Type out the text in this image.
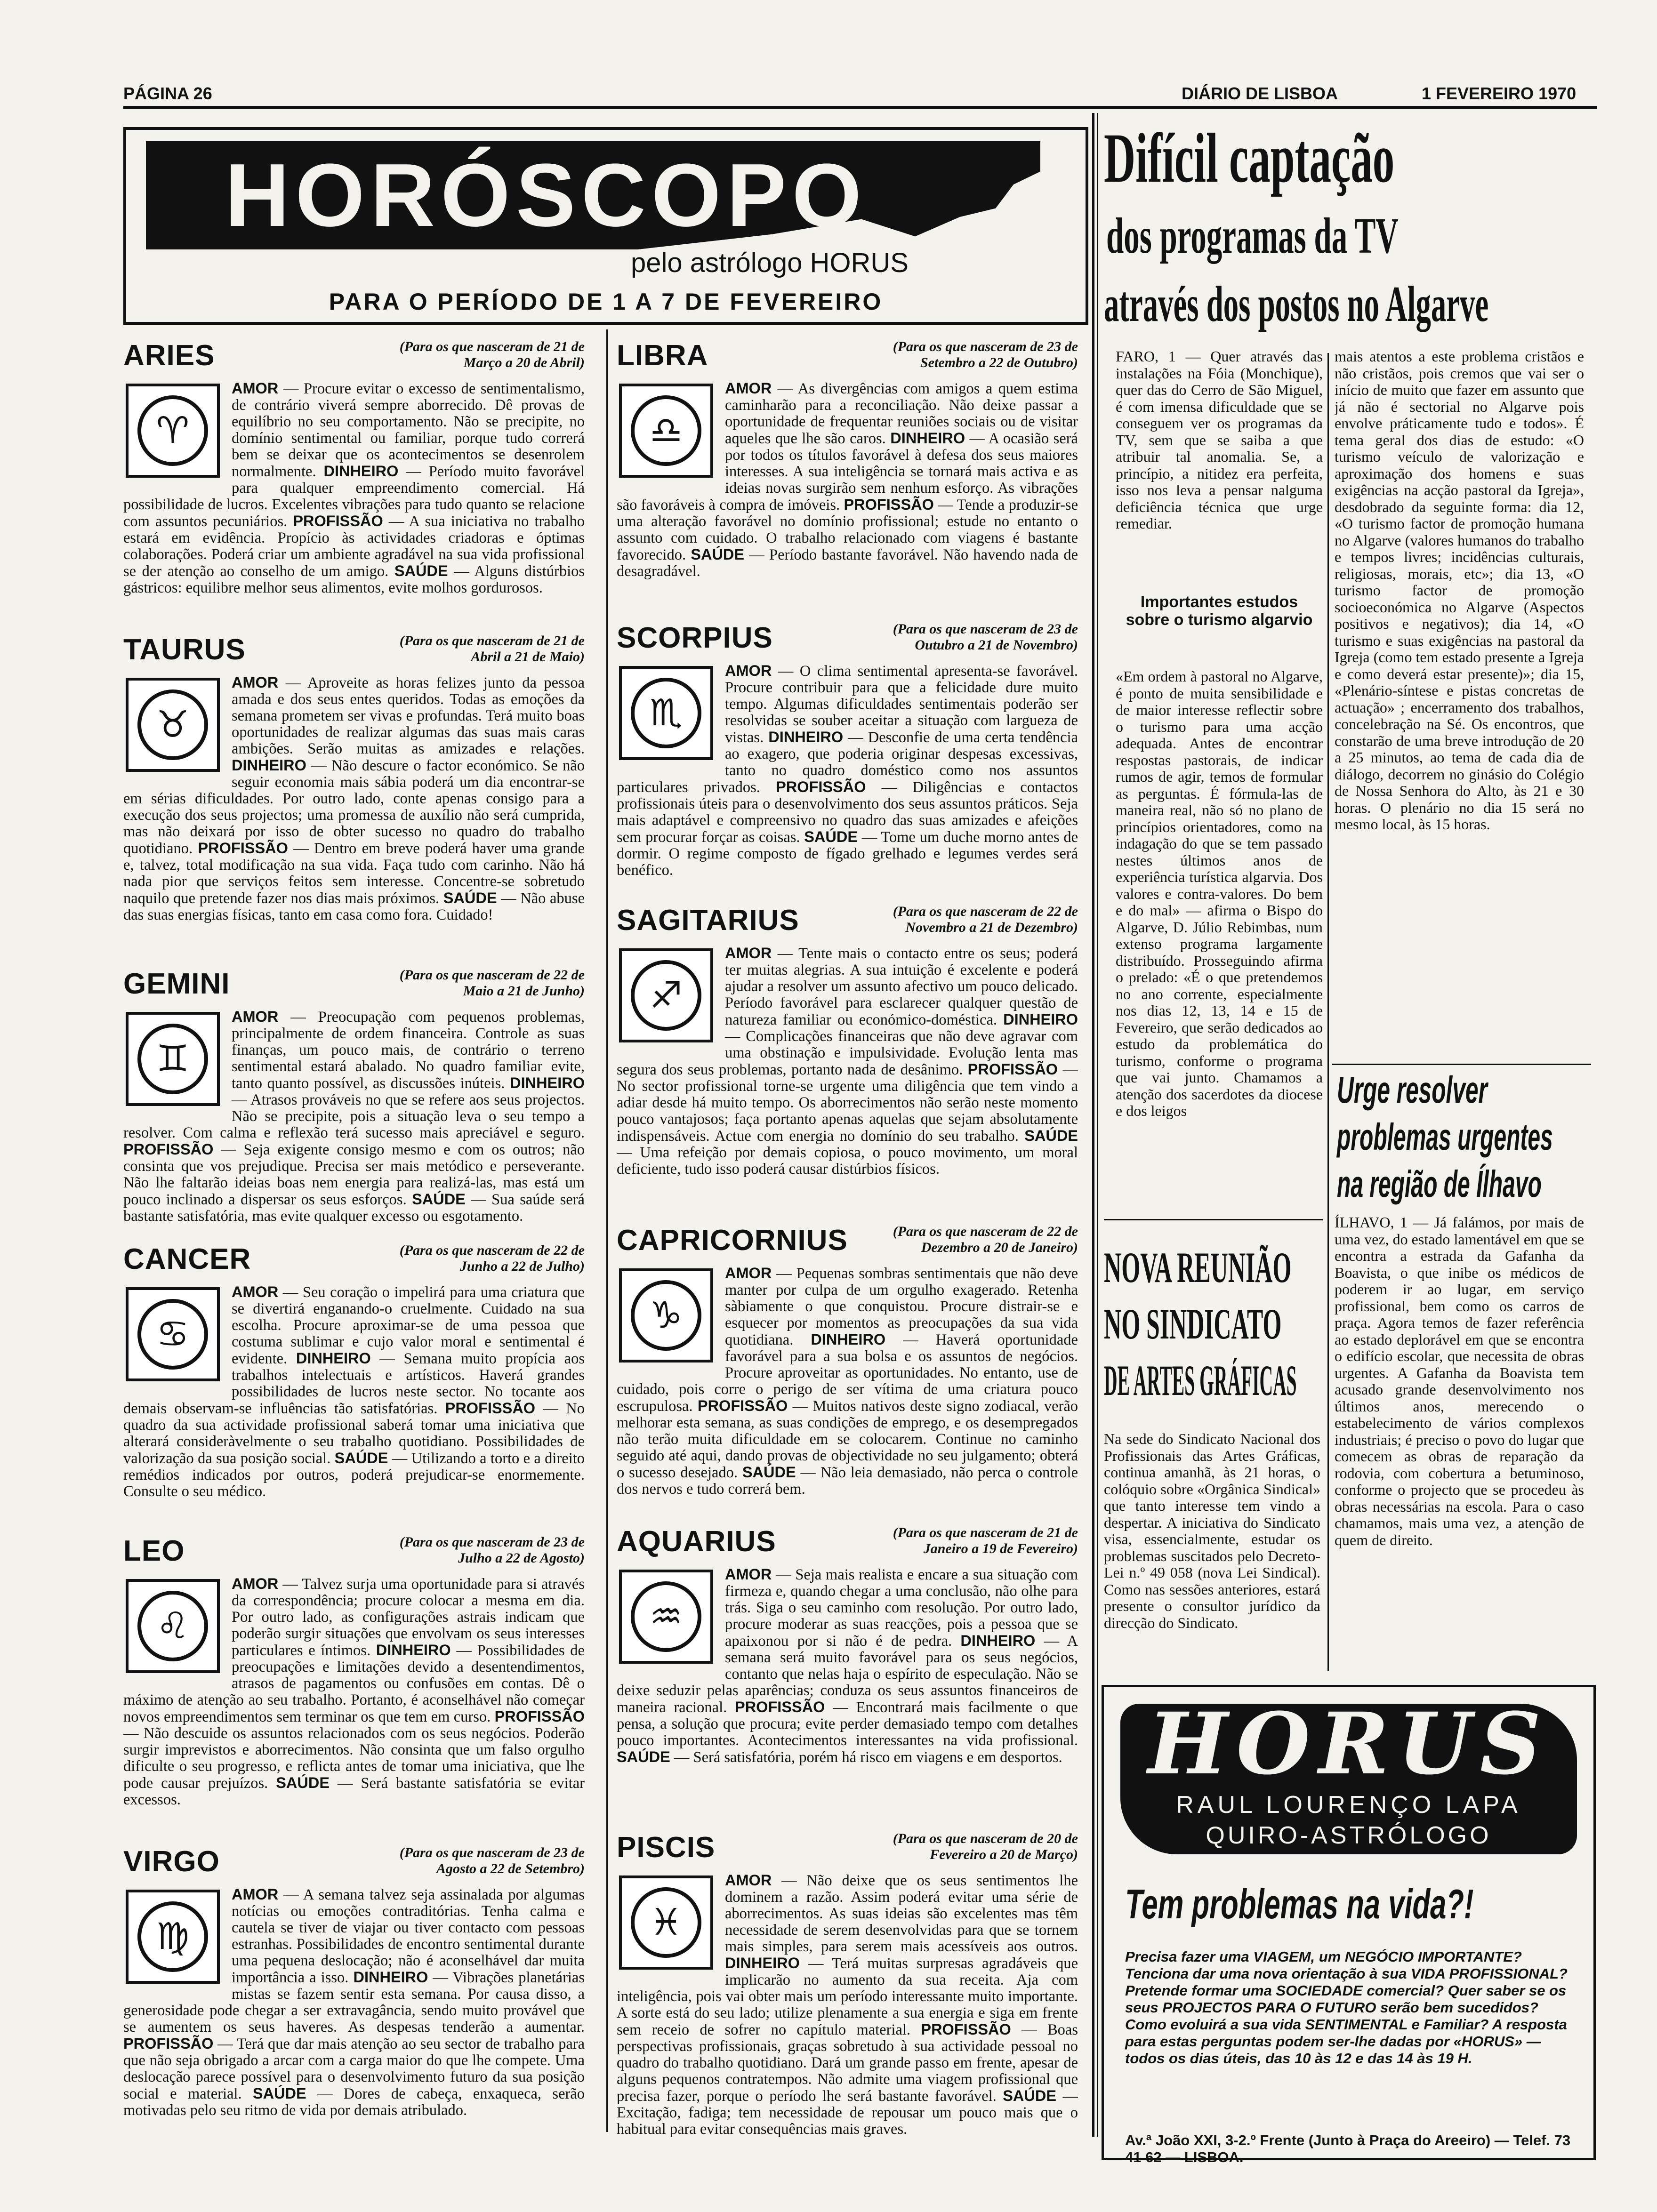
PÁGINA 26	DIÁRIO DE LISBOA	1 FEVEREIRO 1970
HORÓSCOPO
pelo astrólogo HORUS
PARA O PERÍODO DE 1 A 7 DE FEVEREIRO
ARIES	(Para os que nasceram de 21 de Março a 20 de Abril)
AMOR — Procure evitar o excesso de sentimentalismo, de contrário viverá sempre aborrecido. Dê provas de equilíbrio no seu comportamento. Não se precipite, no domínio sentimental ou familiar, porque tudo correrá bem se deixar que os acontecimentos se desenrolem normalmente. DINHEIRO — Período muito favorável para qualquer empreendimento comercial. Há possibilidade de lucros. Excelentes vibrações para tudo quanto se relacione com assuntos pecuniários. PROFISSÃO — A sua iniciativa no trabalho estará em evidência. Propício às actividades criadoras e óptimas colaborações. Poderá criar um ambiente agradável na sua vida profissional se der atenção ao conselho de um amigo. SAÚDE — Alguns distúrbios gástricos: equilibre melhor seus alimentos, evite molhos gordurosos.
♈
TAURUS	(Para os que nasceram de 21 de Abril a 21 de Maio)
AMOR — Aproveite as horas felizes junto da pessoa amada e dos seus entes queridos. Todas as emoções da semana prometem ser vivas e profundas. Terá muito boas oportunidades de realizar algumas das suas mais caras ambições. Serão muitas as amizades e relações. DINHEIRO — Não descure o factor económico. Se não seguir economia mais sábia poderá um dia encontrar-se em sérias dificuldades. Por outro lado, conte apenas consigo para a execução dos seus projectos; uma promessa de auxílio não será cumprida, mas não deixará por isso de obter sucesso no quadro do trabalho quotidiano. PROFISSÃO — Dentro em breve poderá haver uma grande e, talvez, total modificação na sua vida. Faça tudo com carinho. Não há nada pior que serviços feitos sem interesse. Concentre-se sobretudo naquilo que pretende fazer nos dias mais próximos. SAÚDE — Não abuse das suas energias físicas, tanto em casa como fora. Cuidado!
♉
GEMINI	(Para os que nasceram de 22 de Maio a 21 de Junho)
AMOR — Preocupação com pequenos problemas, principalmente de ordem financeira. Controle as suas finanças, um pouco mais, de contrário o terreno sentimental estará abalado. No quadro familiar evite, tanto quanto possível, as discussões inúteis. DINHEIRO — Atrasos prováveis no que se refere aos seus projectos. Não se precipite, pois a situação leva o seu tempo a resolver. Com calma e reflexão terá sucesso mais apreciável e seguro. PROFISSÃO — Seja exigente consigo mesmo e com os outros; não consinta que vos prejudique. Precisa ser mais metódico e perseverante. Não lhe faltarão ideias boas nem energia para realizá-las, mas está um pouco inclinado a dispersar os seus esforços. SAÚDE — Sua saúde será bastante satisfatória, mas evite qualquer excesso ou esgotamento.
♊
CANCER	(Para os que nasceram de 22 de Junho a 22 de Julho)
AMOR — Seu coração o impelirá para uma criatura que se divertirá enganando-o cruelmente. Cuidado na sua escolha. Procure aproximar-se de uma pessoa que costuma sublimar e cujo valor moral e sentimental é evidente. DINHEIRO — Semana muito propícia aos trabalhos intelectuais e artísticos. Haverá grandes possibilidades de lucros neste sector. No tocante aos demais observam-se influências tão satisfatórias. PROFISSÃO — No quadro da sua actividade profissional saberá tomar uma iniciativa que alterará consideràvelmente o seu trabalho quotidiano. Possibilidades de valorização da sua posição social. SAÚDE — Utilizando a torto e a direito remédios indicados por outros, poderá prejudicar-se enormemente. Consulte o seu médico.
♋
LEO	(Para os que nasceram de 23 de Julho a 22 de Agosto)
AMOR — Talvez surja uma oportunidade para si através da correspondência; procure colocar a mesma em dia. Por outro lado, as configurações astrais indicam que poderão surgir situações que envolvam os seus interesses particulares e íntimos. DINHEIRO — Possibilidades de preocupações e limitações devido a desentendimentos, atrasos de pagamentos ou confusões em contas. Dê o máximo de atenção ao seu trabalho. Portanto, é aconselhável não começar novos empreendimentos sem terminar os que tem em curso. PROFISSÃO — Não descuide os assuntos relacionados com os seus negócios. Poderão surgir imprevistos e aborrecimentos. Não consinta que um falso orgulho dificulte o seu progresso, e reflicta antes de tomar uma iniciativa, que lhe pode causar prejuízos. SAÚDE — Será bastante satisfatória se evitar excessos.
♌
VIRGO	(Para os que nasceram de 23 de Agosto a 22 de Setembro)
AMOR — A semana talvez seja assinalada por algumas notícias ou emoções contraditórias. Tenha calma e cautela se tiver de viajar ou tiver contacto com pessoas estranhas. Possibilidades de encontro sentimental durante uma pequena deslocação; não é aconselhável dar muita importância a isso. DINHEIRO — Vibrações planetárias mistas se fazem sentir esta semana. Por causa disso, a generosidade pode chegar a ser extravagância, sendo muito provável que se aumentem os seus haveres. As despesas tenderão a aumentar. PROFISSÃO — Terá que dar mais atenção ao seu sector de trabalho para que não seja obrigado a arcar com a carga maior do que lhe compete. Uma deslocação parece possível para o desenvolvimento futuro da sua posição social e material. SAÚDE — Dores de cabeça, enxaqueca, serão motivadas pelo seu ritmo de vida por demais atribulado.
♍
LIBRA	(Para os que nasceram de 23 de Setembro a 22 de Outubro)
AMOR — As divergências com amigos a quem estima caminharão para a reconciliação. Não deixe passar a oportunidade de frequentar reuniões sociais ou de visitar aqueles que lhe são caros. DINHEIRO — A ocasião será por todos os títulos favorável à defesa dos seus maiores interesses. A sua inteligência se tornará mais activa e as ideias novas surgirão sem nenhum esforço. As vibrações são favoráveis à compra de imóveis. PROFISSÃO — Tende a produzir-se uma alteração favorável no domínio profissional; estude no entanto o assunto com cuidado. O trabalho relacionado com viagens é bastante favorecido. SAÚDE — Período bastante favorável. Não havendo nada de desagradável.
♎
SCORPIUS	(Para os que nasceram de 23 de Outubro a 21 de Novembro)
AMOR — O clima sentimental apresenta-se favorável. Procure contribuir para que a felicidade dure muito tempo. Algumas dificuldades sentimentais poderão ser resolvidas se souber aceitar a situação com largueza de vistas. DINHEIRO — Desconfie de uma certa tendência ao exagero, que poderia originar despesas excessivas, tanto no quadro doméstico como nos assuntos particulares privados. PROFISSÃO — Diligências e contactos profissionais úteis para o desenvolvimento dos seus assuntos práticos. Seja mais adaptável e compreensivo no quadro das suas amizades e afeições sem procurar forçar as coisas. SAÚDE — Tome um duche morno antes de dormir. O regime composto de fígado grelhado e legumes verdes será benéfico.
♏
SAGITARIUS	(Para os que nasceram de 22 de Novembro a 21 de Dezembro)
AMOR — Tente mais o contacto entre os seus; poderá ter muitas alegrias. A sua intuição é excelente e poderá ajudar a resolver um assunto afectivo um pouco delicado. Período favorável para esclarecer qualquer questão de natureza familiar ou económico-doméstica. DINHEIRO — Complicações financeiras que não deve agravar com uma obstinação e impulsividade. Evolução lenta mas segura dos seus problemas, portanto nada de desânimo. PROFISSÃO — No sector profissional torne-se urgente uma diligência que tem vindo a adiar desde há muito tempo. Os aborrecimentos não serão neste momento pouco vantajosos; faça portanto apenas aquelas que sejam absolutamente indispensáveis. Actue com energia no domínio do seu trabalho. SAÚDE — Uma refeição por demais copiosa, o pouco movimento, um moral deficiente, tudo isso poderá causar distúrbios físicos.
♐
CAPRICORNIUS	(Para os que nasceram de 22 de Dezembro a 20 de Janeiro)
AMOR — Pequenas sombras sentimentais que não deve manter por culpa de um orgulho exagerado. Retenha sàbiamente o que conquistou. Procure distrair-se e esquecer por momentos as preocupações da sua vida quotidiana. DINHEIRO — Haverá oportunidade favorável para a sua bolsa e os assuntos de negócios. Procure aproveitar as oportunidades. No entanto, use de cuidado, pois corre o perigo de ser vítima de uma criatura pouco escrupulosa. PROFISSÃO — Muitos nativos deste signo zodiacal, verão melhorar esta semana, as suas condições de emprego, e os desempregados não terão muita dificuldade em se colocarem. Continue no caminho seguido até aqui, dando provas de objectividade no seu julgamento; obterá o sucesso desejado. SAÚDE — Não leia demasiado, não perca o controle dos nervos e tudo correrá bem.
♑
AQUARIUS	(Para os que nasceram de 21 de Janeiro a 19 de Fevereiro)
AMOR — Seja mais realista e encare a sua situação com firmeza e, quando chegar a uma conclusão, não olhe para trás. Siga o seu caminho com resolução. Por outro lado, procure moderar as suas reacções, pois a pessoa que se apaixonou por si não é de pedra. DINHEIRO — A semana será muito favorável para os seus negócios, contanto que nelas haja o espírito de especulação. Não se deixe seduzir pelas aparências; conduza os seus assuntos financeiros de maneira racional. PROFISSÃO — Encontrará mais facilmente o que pensa, a solução que procura; evite perder demasiado tempo com detalhes pouco importantes. Acontecimentos interessantes na vida profissional. SAÚDE — Será satisfatória, porém há risco em viagens e em desportos.
♒
PISCIS	(Para os que nasceram de 20 de Fevereiro a 20 de Março)
AMOR — Não deixe que os seus sentimentos lhe dominem a razão. Assim poderá evitar uma série de aborrecimentos. As suas ideias são excelentes mas têm necessidade de serem desenvolvidas para que se tornem mais simples, para serem mais acessíveis aos outros. DINHEIRO — Terá muitas surpresas agradáveis que implicarão no aumento da sua receita. Aja com inteligência, pois vai obter mais um período interessante muito importante. A sorte está do seu lado; utilize plenamente a sua energia e siga em frente sem receio de sofrer no capítulo material. PROFISSÃO — Boas perspectivas profissionais, graças sobretudo à sua actividade pessoal no quadro do trabalho quotidiano. Dará um grande passo em frente, apesar de alguns pequenos contratempos. Não admite uma viagem profissional que precisa fazer, porque o período lhe será bastante favorável. SAÚDE — Excitação, fadiga; tem necessidade de repousar um pouco mais que o habitual para evitar consequências mais graves.
♓
Difícil captação
dos programas da TV
através dos postos no Algarve
FARO, 1 — Quer através das instalações na Fóia (Monchique), quer das do Cerro de São Miguel, é com imensa dificuldade que se conseguem ver os programas da TV, sem que se saiba a que atribuir tal anomalia. Se, a princípio, a nitidez era perfeita, isso nos leva a pensar nalguma deficiência técnica que urge remediar.
Importantes estudos sobre o turismo algarvio
«Em ordem à pastoral no Algarve, é ponto de muita sensibilidade e de maior interesse reflectir sobre o turismo para uma acção adequada. Antes de encontrar respostas pastorais, de indicar rumos de agir, temos de formular as perguntas. É fórmula-las de maneira real, não só no plano de princípios orientadores, como na indagação do que se tem passado nestes últimos anos de experiência turística algarvia. Dos valores e contra-valores. Do bem e do mal» — afirma o Bispo do Algarve, D. Júlio Rebimbas, num extenso programa largamente distribuído. Prosseguindo afirma o prelado: «É o que pretendemos no ano corrente, especialmente nos dias 12, 13, 14 e 15 de Fevereiro, que serão dedicados ao estudo da problemática do turismo, conforme o programa que vai junto. Chamamos a atenção dos sacerdotes da diocese e dos leigos
mais atentos a este problema cristãos e não cristãos, pois cremos que vai ser o início de muito que fazer em assunto que já não é sectorial no Algarve pois envolve práticamente tudo e todos». É tema geral dos dias de estudo: «O turismo veículo de valorização e aproximação dos homens e suas exigências na acção pastoral da Igreja», desdobrado da seguinte forma: dia 12, «O turismo factor de promoção humana no Algarve (valores humanos do trabalho e tempos livres; incidências culturais, religiosas, morais, etc»; dia 13, «O turismo factor de promoção socioeconómica no Algarve (Aspectos positivos e negativos); dia 14, «O turismo e suas exigências na pastoral da Igreja (como tem estado presente a Igreja e como deverá estar presente)»; dia 15, «Plenário-síntese e pistas concretas de actuação» ; encerramento dos trabalhos, concelebração na Sé. Os encontros, que constarão de uma breve introdução de 20 a 25 minutos, ao tema de cada dia de diálogo, decorrem no ginásio do Colégio de Nossa Senhora do Alto, às 21 e 30 horas. O plenário no dia 15 será no mesmo local, às 15 horas.
Urge resolver
problemas urgentes
na região de Ílhavo
ÍLHAVO, 1 — Já falámos, por mais de uma vez, do estado lamentável em que se encontra a estrada da Gafanha da Boavista, o que inibe os médicos de poderem ir ao lugar, em serviço profissional, bem como os carros de praça. Agora temos de fazer referência ao estado deplorável em que se encontra o edifício escolar, que necessita de obras urgentes. A Gafanha da Boavista tem acusado grande desenvolvimento nos últimos anos, merecendo o estabelecimento de vários complexos industriais; é preciso o povo do lugar que comecem as obras de reparação da rodovia, com cobertura a betuminoso, conforme o projecto que se procedeu às obras necessárias na escola. Para o caso chamamos, mais uma vez, a atenção de quem de direito.
NOVA REUNIÃO
NO SINDICATO
DE ARTES GRÁFICAS
Na sede do Sindicato Nacional dos Profissionais das Artes Gráficas, continua amanhã, às 21 horas, o colóquio sobre «Orgânica Sindical» que tanto interesse tem vindo a despertar. A iniciativa do Sindicato visa, essencialmente, estudar os problemas suscitados pelo Decreto-Lei n.º 49 058 (nova Lei Sindical). Como nas sessões anteriores, estará presente o consultor jurídico da direcção do Sindicato.
HORUS
RAUL LOURENÇO LAPA
QUIRO-ASTRÓLOGO
Tem problemas na vida?!
Precisa fazer uma VIAGEM, um NEGÓCIO IMPORTANTE? Tenciona dar uma nova orientação à sua VIDA PROFISSIONAL? Pretende formar uma SOCIEDADE comercial? Quer saber se os seus PROJECTOS PARA O FUTURO serão bem sucedidos? Como evoluirá a sua vida SENTIMENTAL e Familiar? A resposta para estas perguntas podem ser-lhe dadas por «HORUS» — todos os dias úteis, das 10 às 12 e das 14 às 19 H.
Av.ª João XXI, 3-2.º Frente (Junto à Praça do Areeiro) — Telef. 73 41 62 — LISBOA.
